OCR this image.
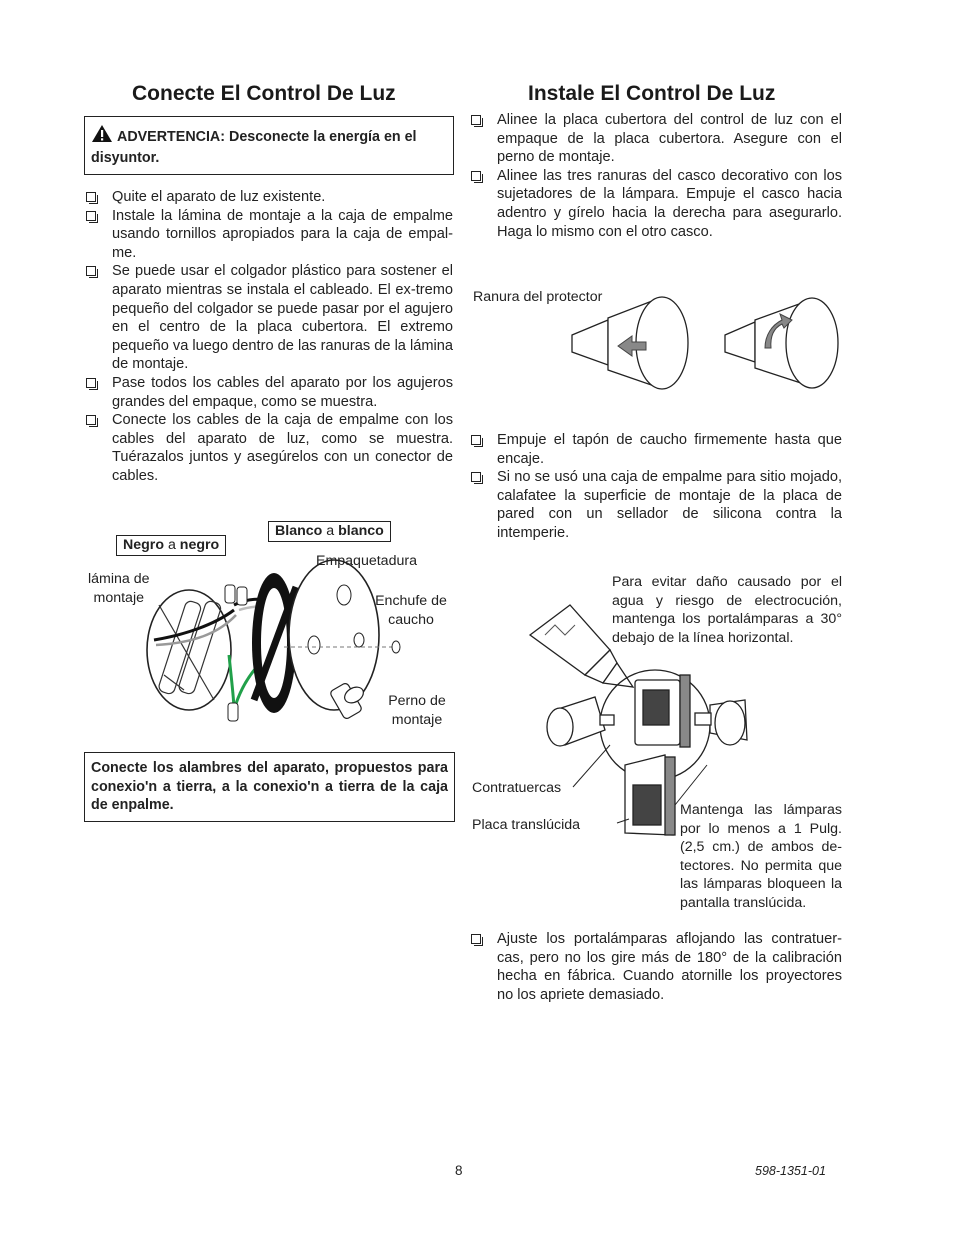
Conecte El Control De Luz
ADVERTENCIA: Desconecte la energía en el disyuntor.
Quite el aparato de luz existente.
Instale la lámina de montaje a la caja de empalme usando tornillos apropiados para la caja de empal-me.
Se puede usar el colgador plástico para sostener el aparato mientras se instala el cableado. El ex-tremo pequeño del colgador se puede pasar por el agujero en el centro de la placa cubertora. El extremo pequeño va luego dentro de las ranuras de la lámina de montaje.
Pase todos los cables del aparato por los agujeros grandes del empaque, como se muestra.
Conecte los cables de la caja de empalme con los cables del aparato de luz, como se muestra. Tuérazalos juntos y asegúrelos con un conector de cables.
Negro a negro
Blanco a blanco
Empaquetadura
lámina de
montaje	Enchufe de
caucho
Perno de
montaje
Conecte los alambres del aparato, propuestos para conexio'n a tierra, a la conexio'n a tierra de la caja de enpalme.
Instale El Control De Luz
Alinee la placa cubertora del control de luz con el empaque de la placa cubertora. Asegure con el perno de montaje.
Alinee las tres ranuras del casco decorativo con los sujetadores de la lámpara. Empuje el casco hacia adentro y gírelo hacia la derecha para asegurarlo. Haga lo mismo con el otro casco.
Ranura del protector
Empuje el tapón de caucho firmemente hasta que encaje.
Si no se usó una caja de empalme para sitio mojado, calafatee la superficie de montaje de la placa de pared con un sellador de silicona contra la intemperie.
Para evitar daño causado por el agua y riesgo de electrocución, mantenga los portalámparas a 30° debajo de la línea horizontal.
Contratuercas
Placa translúcida
Mantenga las lámparas por lo menos a 1 Pulg. (2,5 cm.) de ambos de-tectores. No permita que las lámparas bloqueen la pantalla translúcida.
Ajuste los portalámparas aflojando las contratuer-cas, pero no los gire más de 180° de la calibración hecha en fábrica. Cuando atornille los proyectores no los apriete demasiado.
8	598-1351-01
